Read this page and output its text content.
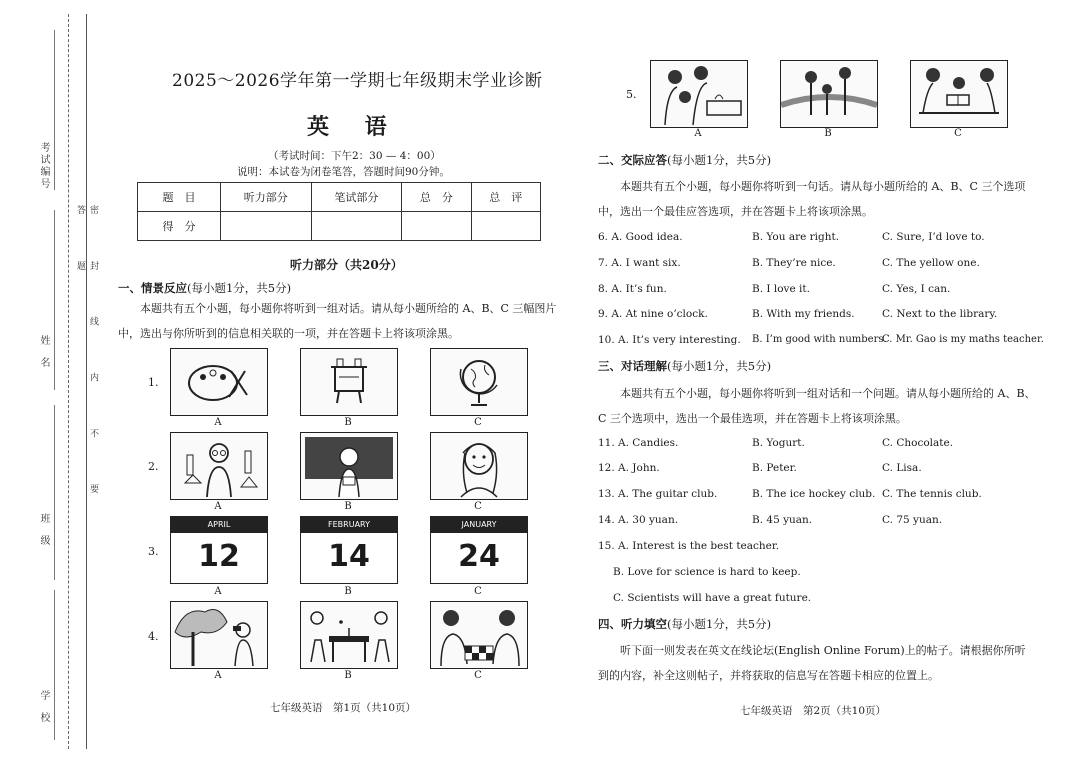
密 封 线 内 不 要 答 题
考试编号
姓名
班级
学校
2025～2026学年第一学期七年级期末学业诊断
英 语
（考试时间：下午2：30 — 4：00）
说明：本试卷为闭卷笔答，答题时间90分钟。
题　目	听力部分	笔试部分	总　分	总　评
得　分				
听力部分（共20分）
一、情景反应(每小题1分，共5分)
本题共有五个小题，每小题你将听到一组对话。请从每小题所给的 A、B、C 三幅图片中，选出与你所听到的信息相关联的一项，并在答题卡上将该项涂黑。
1.
A	B	C
2.
A	B	C
3.
APRIL
12
FEBRUARY
14
JANUARY
24
A	B	C
4.
A	B	C
七年级英语　第1页（共10页）
5.
A	B	C
二、交际应答(每小题1分，共5分)
本题共有五个小题，每小题你将听到一句话。请从每小题所给的 A、B、C 三个选项中，选出一个最佳应答选项，并在答题卡上将该项涂黑。
6. A. Good idea.	B. You are right.	C. Sure, I’d love to.
7. A. I want six.	B. They’re nice.	C. The yellow one.
8. A. It’s fun.	B. I love it.	C. Yes, I can.
9. A. At nine o’clock.	B. With my friends.	C. Next to the library.
10. A. It’s very interesting. B. I’m good with numbers.
C. Mr. Gao is my maths teacher.
三、对话理解(每小题1分，共5分)
本题共有五个小题，每小题你将听到一组对话和一个问题。请从每小题所给的 A、B、C 三个选项中，选出一个最佳选项，并在答题卡上将该项涂黑。
11. A. Candies.	B. Yogurt.	C. Chocolate.
12. A. John.	B. Peter.	C. Lisa.
13. A. The guitar club.	B. The ice hockey club. C. The tennis club.
14. A. 30 yuan.	B. 45 yuan.	C. 75 yuan.
15. A. Interest is the best teacher.
B. Love for science is hard to keep.
C. Scientists will have a great future.
四、听力填空(每小题1分，共5分)
听下面一则发表在英文在线论坛(English Online Forum)上的帖子。请根据你所听到的内容，补全这则帖子，并将获取的信息写在答题卡相应的位置上。
七年级英语　第2页（共10页）
